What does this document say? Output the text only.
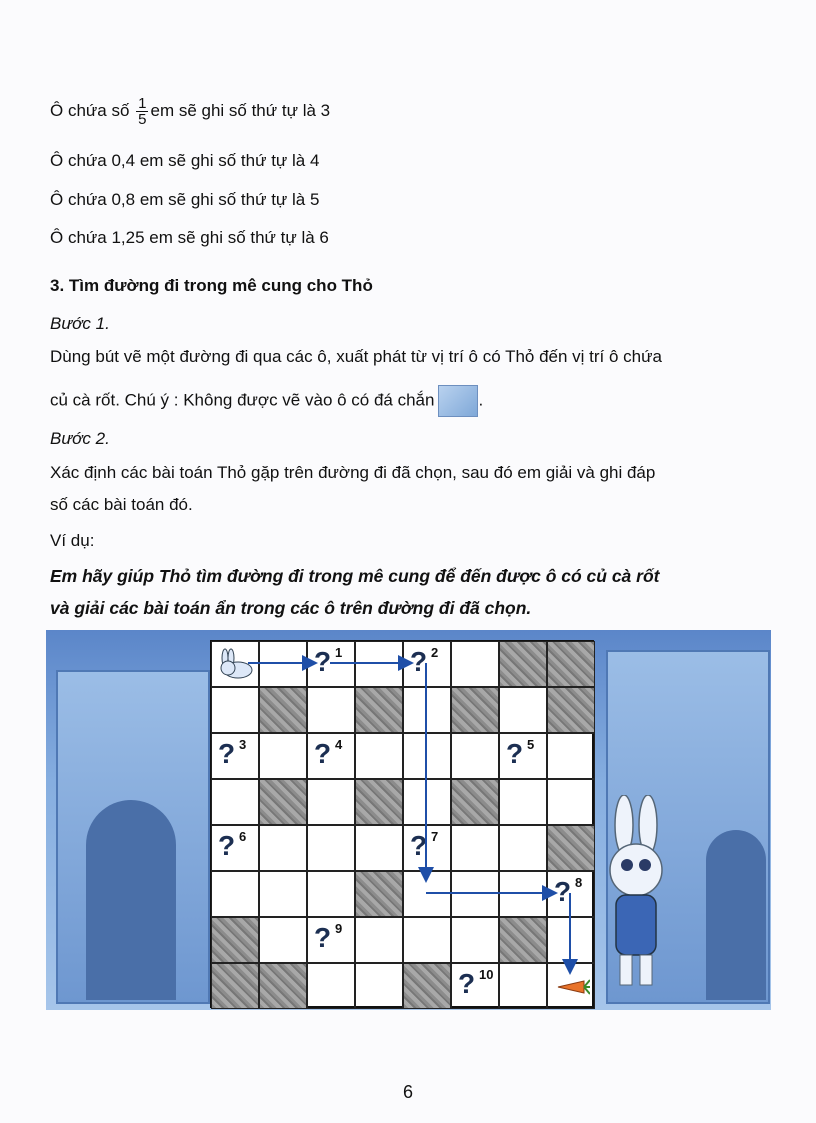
Ô chứa số $\frac{1}{5}$ em sẽ ghi số thứ tự là 3
Ô chứa 0,4 em sẽ ghi số thứ tự là 4
Ô chứa 0,8 em sẽ ghi số thứ tự là 5
Ô chứa 1,25 em sẽ ghi số thứ tự là 6
3. Tìm đường đi trong mê cung cho Thỏ
Bước 1.
Dùng bút vẽ một đường đi qua các ô, xuất phát từ vị trí ô có Thỏ đến vị trí ô chứa
củ cà rốt. Chú ý : Không được vẽ vào ô có đá chắn	.
Bước 2.
Xác định các bài toán Thỏ gặp trên đường đi đã chọn, sau đó em giải và ghi đáp
số các bài toán đó.
Ví dụ:
Em hãy giúp Thỏ tìm đường đi trong mê cung để đến được ô có củ cà rốt
và giải các bài toán ẩn trong các ô trên đường đi đã chọn.
? 1 ? 2
? 3 ? 4	? 5
? 6	? 7
? 8
? 9
? 10
6
